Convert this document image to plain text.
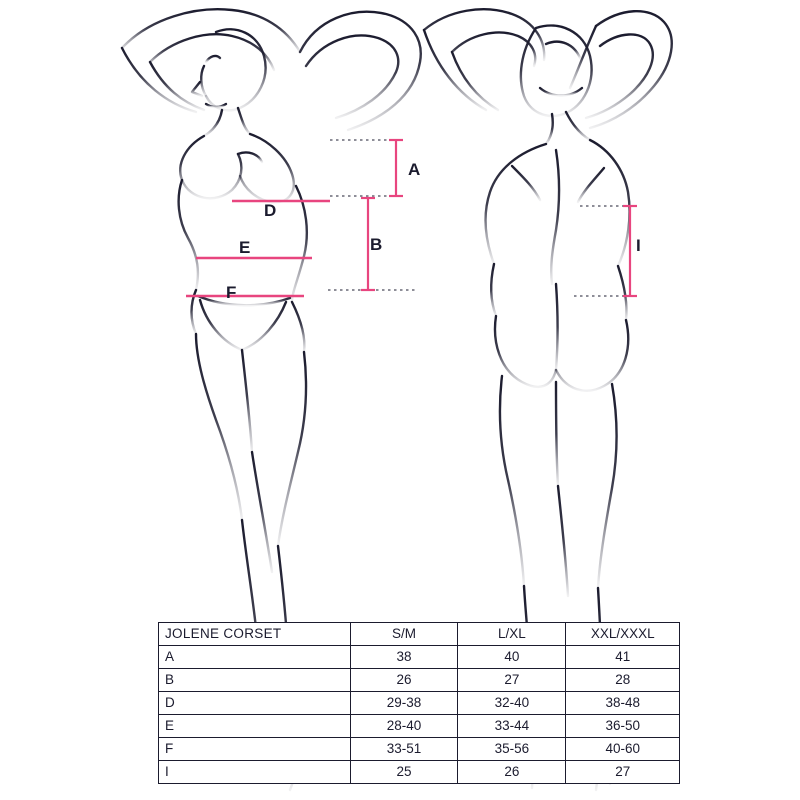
A
B
D
E
F
I
JOLENE CORSET	S/M	L/XL	XXL/XXXL
A	38	40	41
B	26	27	28
D	29-38	32-40	38-48
E	28-40	33-44	36-50
F	33-51	35-56	40-60
I	25	26	27
